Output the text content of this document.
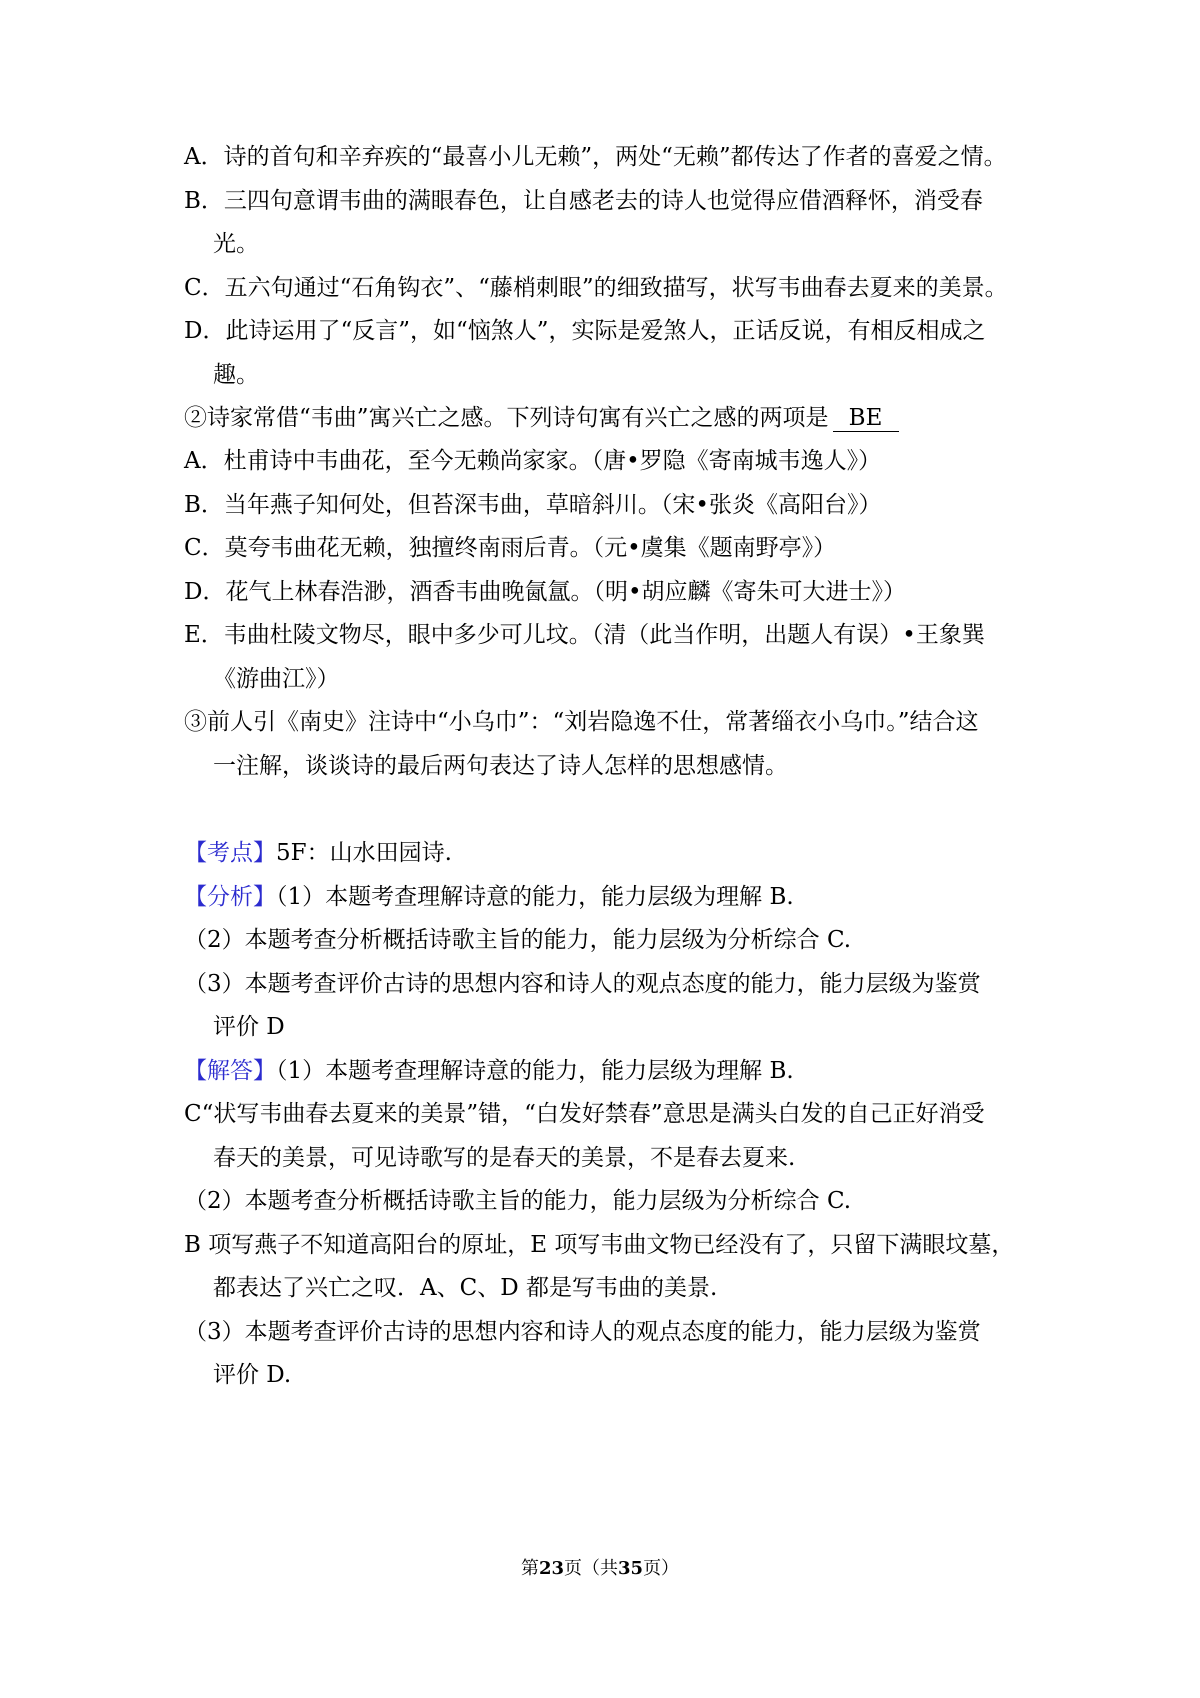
A．诗的首句和辛弃疾的“最喜小儿无赖”，两处“无赖”都传达了作者的喜爱之情。
B．三四句意谓韦曲的满眼春色，让自感老去的诗人也觉得应借酒释怀，消受春
光。
C．五六句通过“石角钩衣”、“藤梢刺眼”的细致描写，状写韦曲春去夏来的美景。
D．此诗运用了“反言”，如“恼煞人”，实际是爱煞人，正话反说，有相反相成之
趣。
②诗家常借“韦曲”寓兴亡之感。下列诗句寓有兴亡之感的两项是 BE
A．杜甫诗中韦曲花，至今无赖尚家家。（唐•罗隐《寄南城韦逸人》）
B．当年燕子知何处，但苔深韦曲，草暗斜川。（宋•张炎《高阳台》）
C．莫夸韦曲花无赖，独擅终南雨后青。（元•虞集《题南野亭》）
D．花气上林春浩渺，酒香韦曲晚氤氲。（明•胡应麟《寄朱可大进士》）
E．韦曲杜陵文物尽，眼中多少可儿坟。（清（此当作明，出题人有误）•王象巽
《游曲江》）
③前人引《南史》注诗中“小乌巾”：“刘岩隐逸不仕，常著缁衣小乌巾。”结合这
一注解，谈谈诗的最后两句表达了诗人怎样的思想感情。
【考点】5F：山水田园诗.
【分析】（1）本题考查理解诗意的能力，能力层级为理解 B.
（2）本题考查分析概括诗歌主旨的能力，能力层级为分析综合 C.
（3）本题考查评价古诗的思想内容和诗人的观点态度的能力，能力层级为鉴赏
评价 D
【解答】（1）本题考查理解诗意的能力，能力层级为理解 B.
C“状写韦曲春去夏来的美景”错，“白发好禁春”意思是满头白发的自己正好消受
春天的美景，可见诗歌写的是春天的美景，不是春去夏来.
（2）本题考查分析概括诗歌主旨的能力，能力层级为分析综合 C.
B 项写燕子不知道高阳台的原址，E 项写韦曲文物已经没有了，只留下满眼坟墓，
都表达了兴亡之叹．A、C、D 都是写韦曲的美景.
（3）本题考查评价古诗的思想内容和诗人的观点态度的能力，能力层级为鉴赏
评价 D.
第23页（共35页）
